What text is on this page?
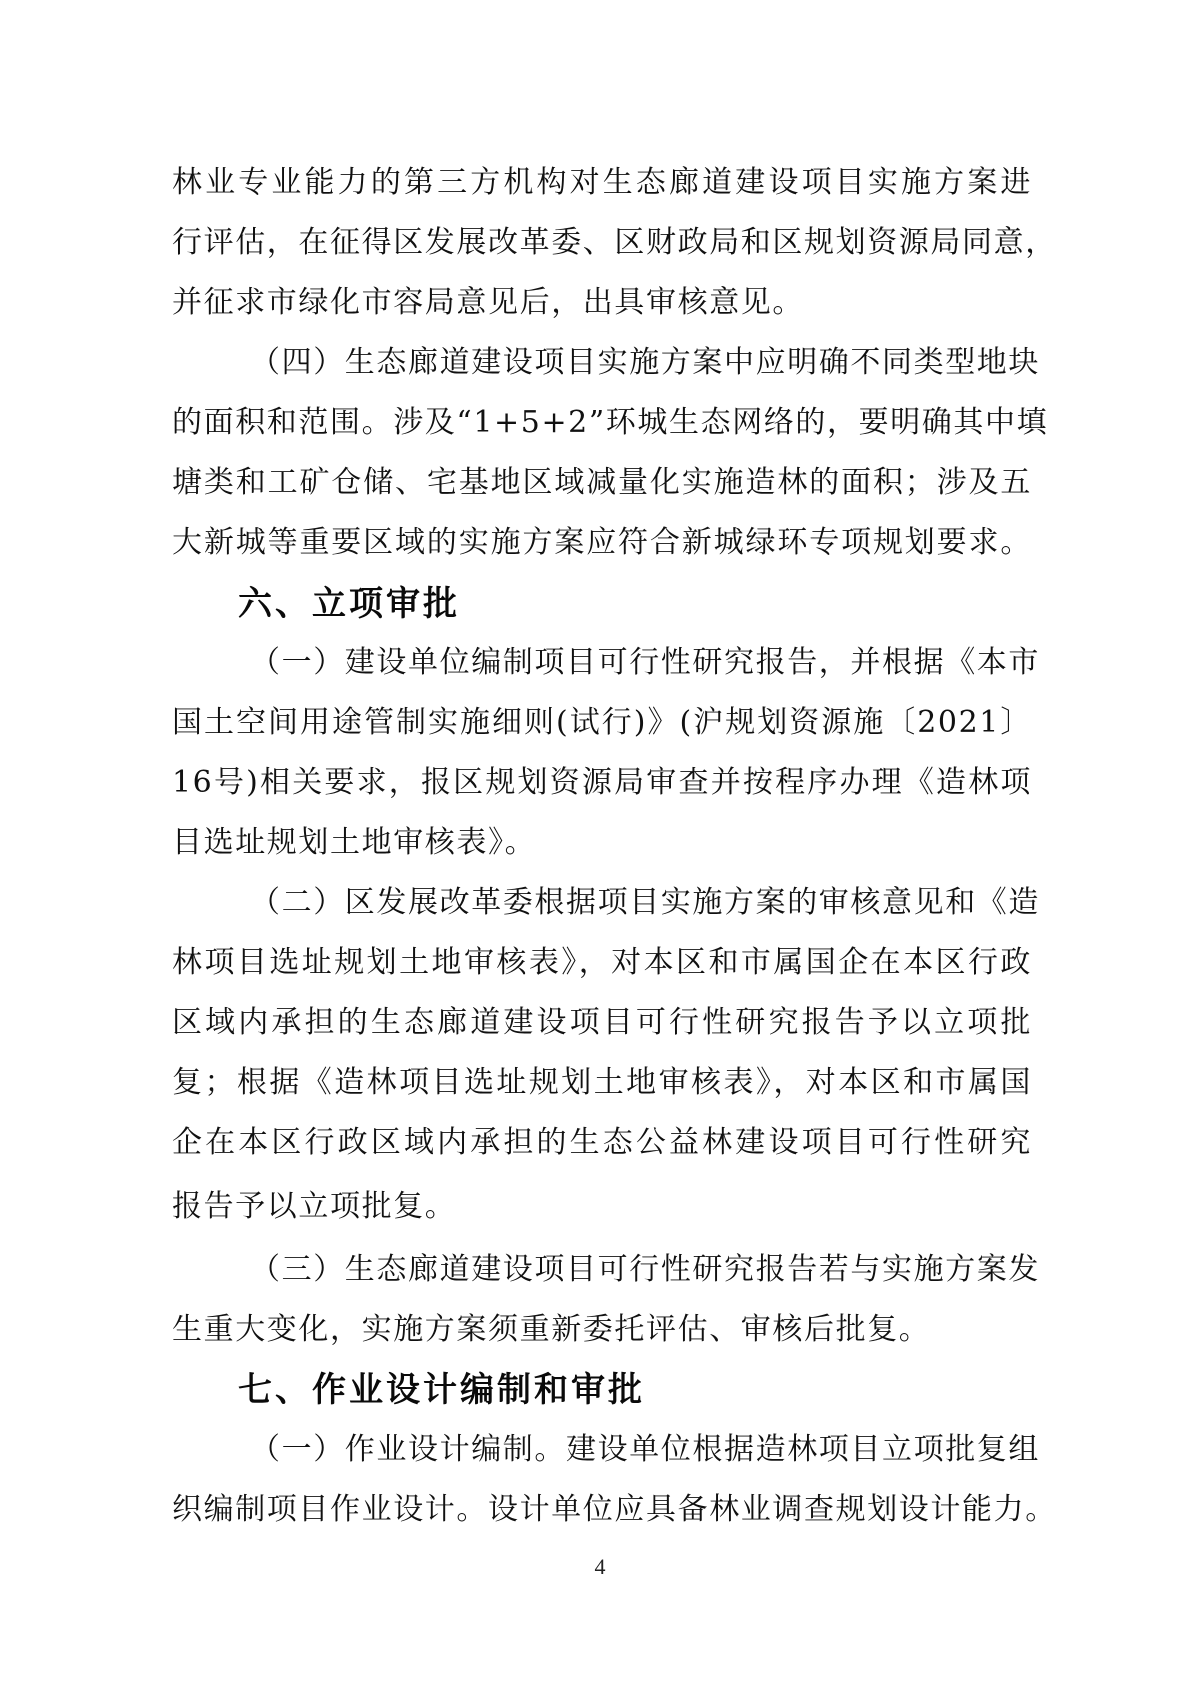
林业专业能力的第三方机构对生态廊道建设项目实施方案进
行评估，在征得区发展改革委、区财政局和区规划资源局同意，
并征求市绿化市容局意见后，出具审核意见。
（四）生态廊道建设项目实施方案中应明确不同类型地块
的面积和范围。涉及“1+5+2”环城生态网络的，要明确其中填
塘类和工矿仓储、宅基地区域减量化实施造林的面积；涉及五
大新城等重要区域的实施方案应符合新城绿环专项规划要求。
六、立项审批
（一）建设单位编制项目可行性研究报告，并根据《本市
国土空间用途管制实施细则(试行)》(沪规划资源施〔2021〕
16号)相关要求，报区规划资源局审查并按程序办理《造林项
目选址规划土地审核表》。
（二）区发展改革委根据项目实施方案的审核意见和《造
林项目选址规划土地审核表》，对本区和市属国企在本区行政
区域内承担的生态廊道建设项目可行性研究报告予以立项批
复；根据《造林项目选址规划土地审核表》，对本区和市属国
企在本区行政区域内承担的生态公益林建设项目可行性研究
报告予以立项批复。
（三）生态廊道建设项目可行性研究报告若与实施方案发
生重大变化，实施方案须重新委托评估、审核后批复。
七、作业设计编制和审批
（一）作业设计编制。建设单位根据造林项目立项批复组
织编制项目作业设计。设计单位应具备林业调查规划设计能力。
4
